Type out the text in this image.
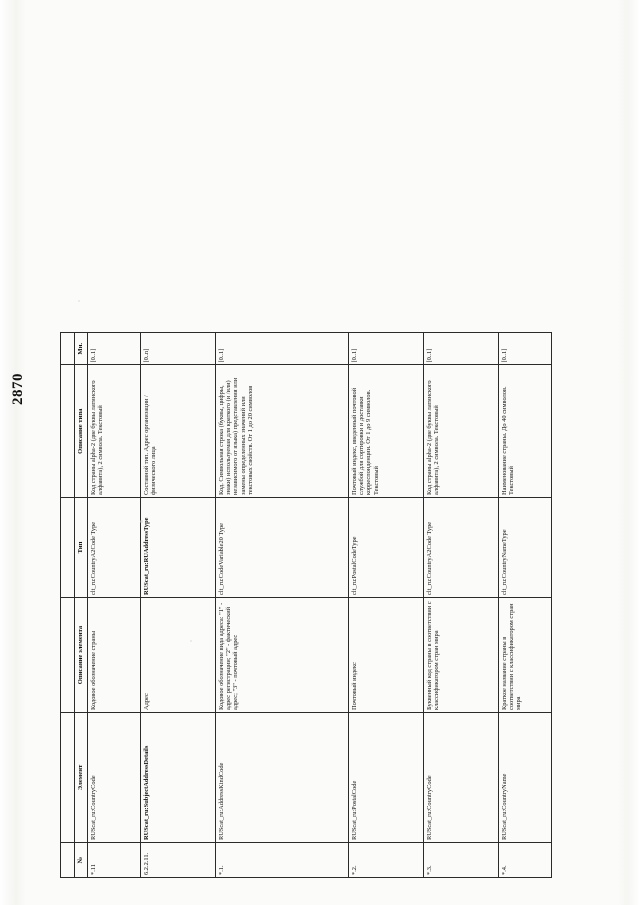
2870

№	Элемент	Описание элемента	Тип	Описание типа	Мн.
*.11	RUScat_ru:CountryCode	Кодовое обозначение страны	clt_ru:CountryA2Code Type	Код страны alpha-2 (две буквы латинского алфавита), 2 символа. Текстовый	[0..1]
6.2.2.11.	RUScat_ru:SubjectAddressDetails	Адрес	RUScat_ru:RUAddressType	Составной тип. Адрес организации / физического лица	[0..n]
*.1.	RUScat_ru:AddressKindCode	Кодовое обозначение вида адреса: "1" - адрес регистрации; "2" - фактический адрес; "3" - почтовый адрес	clt_ru:CodeVariable20 Type	Код. Символьная строка (буквы, цифры, знаки) используемая для краткого (и /или) независимого от языка) представления или замены определенных значений или текстовых свойств. От 1 до 20 символов	[0..1]
*.2.	RUScat_ru:PostalCode	Почтовый индекс	clt_ru:PostalCodeType	Почтовый индекс, введенный почтовой службой для сортировки и доставки корреспонденции. От 1 до 9 символов. Текстовый	[0..1]
*.3.	RUScat_ru:CountryCode	Буквенный код страны в соответствии с классификатором стран мира	clt_ru:CountryA2Code Type	Код страны alpha-2 (две буквы латинского алфавита), 2 символа. Текстовый	[0..1]
*.4.	RUScat_ru:CountryName	Краткое название страны в соответствии с классификатором стран мира	clt_ru:CountryNameType	Наименование страны. До 40 символов. Текстовый	[0..1]
